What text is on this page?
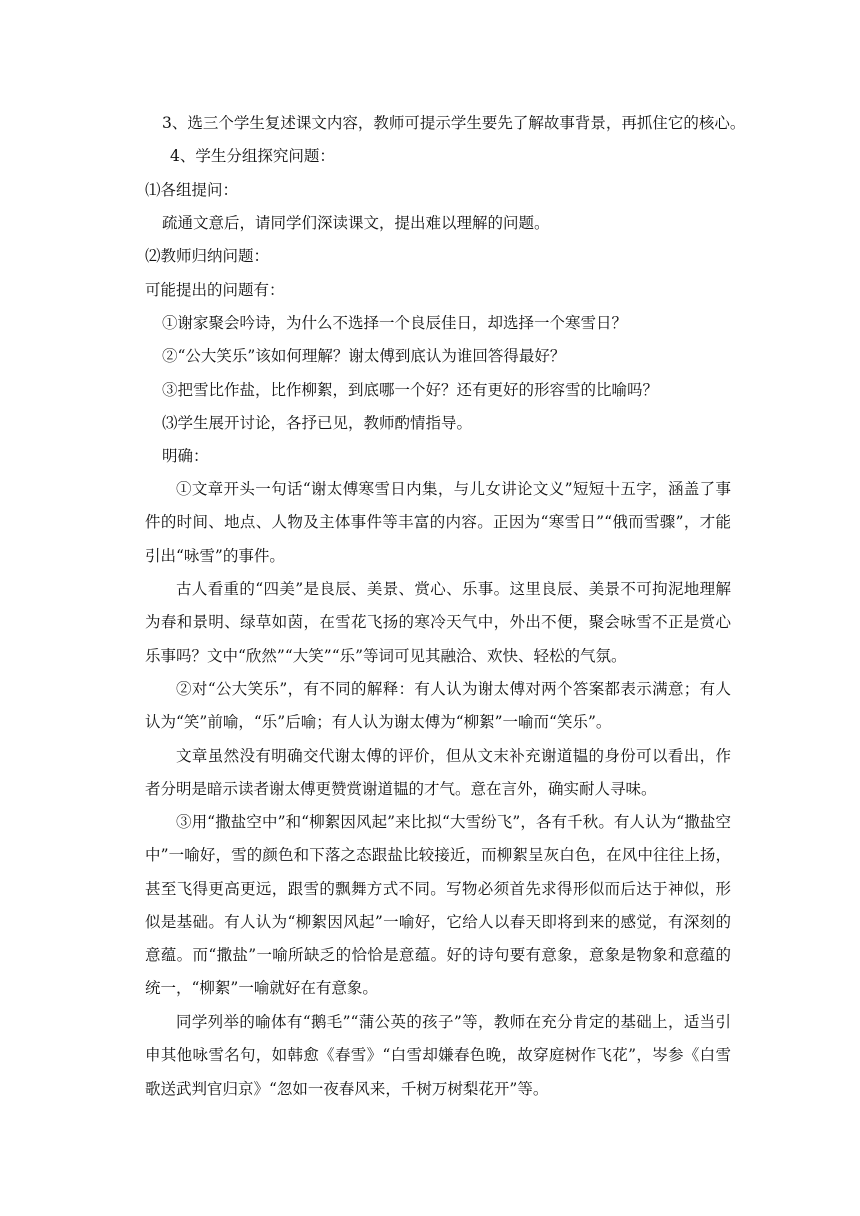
3、选三个学生复述课文内容，教师可提示学生要先了解故事背景，再抓住它的核心。
4、学生分组探究问题：
⑴各组提问：
疏通文意后，请同学们深读课文，提出难以理解的问题。
⑵教师归纳问题：
可能提出的问题有：
①谢家聚会吟诗，为什么不选择一个良辰佳日，却选择一个寒雪日？
②“公大笑乐”该如何理解？谢太傅到底认为谁回答得最好？
③把雪比作盐，比作柳絮，到底哪一个好？还有更好的形容雪的比喻吗？
⑶学生展开讨论，各抒已见，教师酌情指导。
明确：
①文章开头一句话“谢太傅寒雪日内集，与儿女讲论文义”短短十五字，涵盖了事件的时间、地点、人物及主体事件等丰富的内容。正因为“寒雪日”“俄而雪骤”，才能引出“咏雪”的事件。
古人看重的“四美”是良辰、美景、赏心、乐事。这里良辰、美景不可拘泥地理解为春和景明、绿草如茵，在雪花飞扬的寒冷天气中，外出不便，聚会咏雪不正是赏心乐事吗？文中“欣然”“大笑”“乐”等词可见其融洽、欢快、轻松的气氛。
②对“公大笑乐”，有不同的解释：有人认为谢太傅对两个答案都表示满意；有人认为“笑”前喻，“乐”后喻；有人认为谢太傅为“柳絮”一喻而“笑乐”。
文章虽然没有明确交代谢太傅的评价，但从文末补充谢道韫的身份可以看出，作者分明是暗示读者谢太傅更赞赏谢道韫的才气。意在言外，确实耐人寻味。
③用“撒盐空中”和“柳絮因风起”来比拟“大雪纷飞”，各有千秋。有人认为“撒盐空中”一喻好，雪的颜色和下落之态跟盐比较接近，而柳絮呈灰白色，在风中往往上扬，甚至飞得更高更远，跟雪的飘舞方式不同。写物必须首先求得形似而后达于神似，形似是基础。有人认为“柳絮因风起”一喻好，它给人以春天即将到来的感觉，有深刻的意蕴。而“撒盐”一喻所缺乏的恰恰是意蕴。好的诗句要有意象，意象是物象和意蕴的统一，“柳絮”一喻就好在有意象。
同学列举的喻体有“鹅毛”“蒲公英的孩子”等，教师在充分肯定的基础上，适当引申其他咏雪名句，如韩愈《春雪》“白雪却嫌春色晚，故穿庭树作飞花”，岑参《白雪歌送武判官归京》“忽如一夜春风来，千树万树梨花开”等。
